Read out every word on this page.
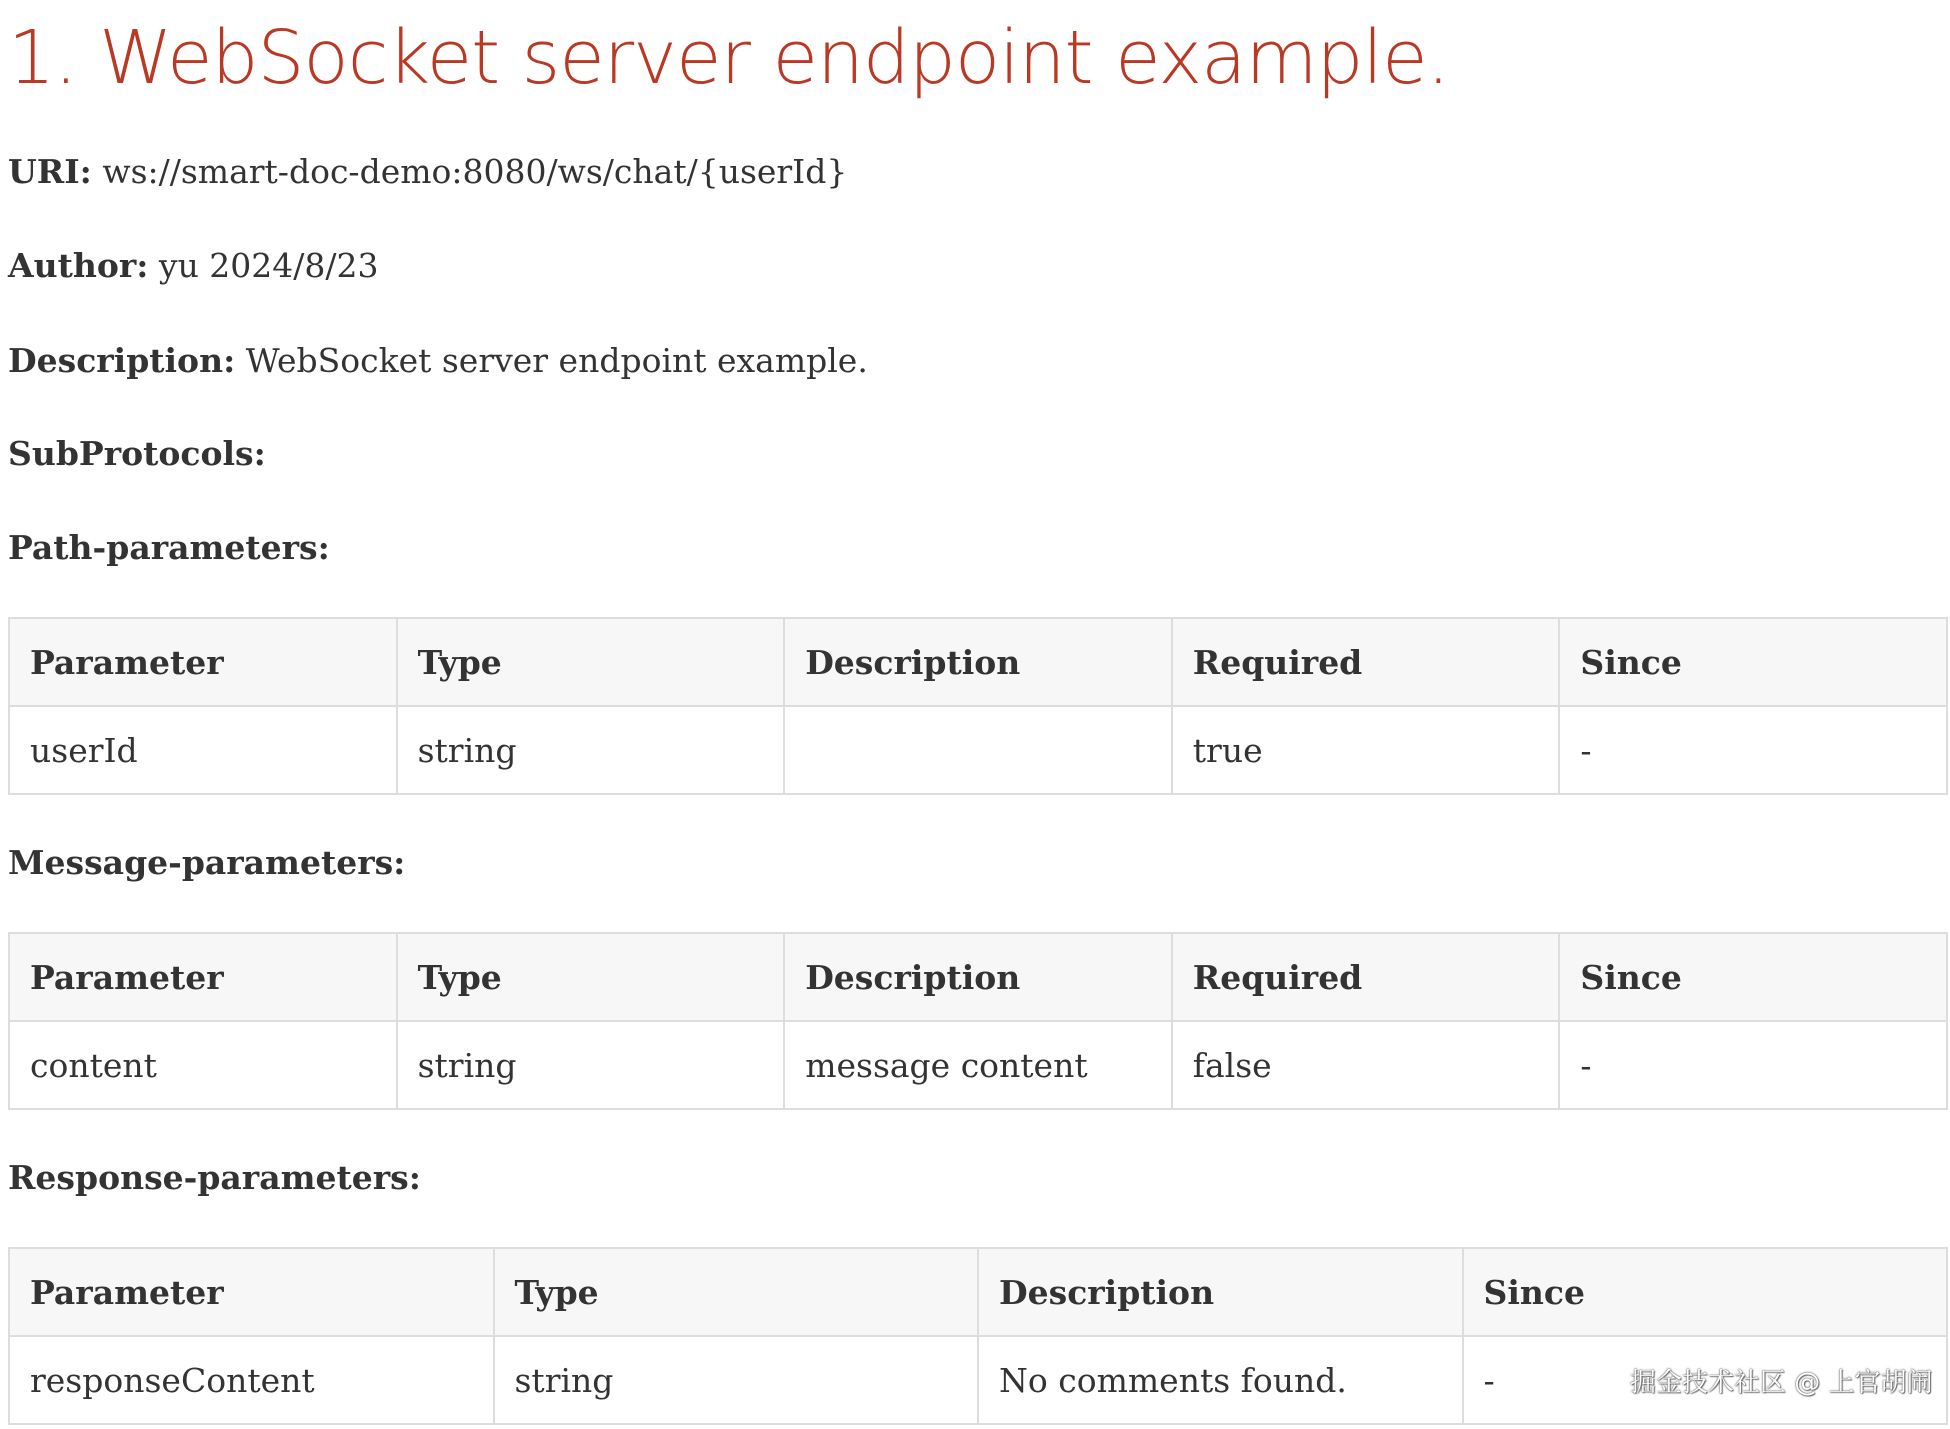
1. WebSocket server endpoint example.

URI: ws://smart-doc-demo:8080/ws/chat/{userId}

Author: yu 2024/8/23

Description: WebSocket server endpoint example.

SubProtocols:

Path-parameters:
Parameter	Type	Description	Required	Since
userId	string		true	-
Message-parameters:
Parameter	Type	Description	Required	Since
content	string	message content	false	-
Response-parameters:
Parameter	Type	Description	Since
responseContent	string	No comments found.	-	掘金技术社区 @ 上官胡闹
